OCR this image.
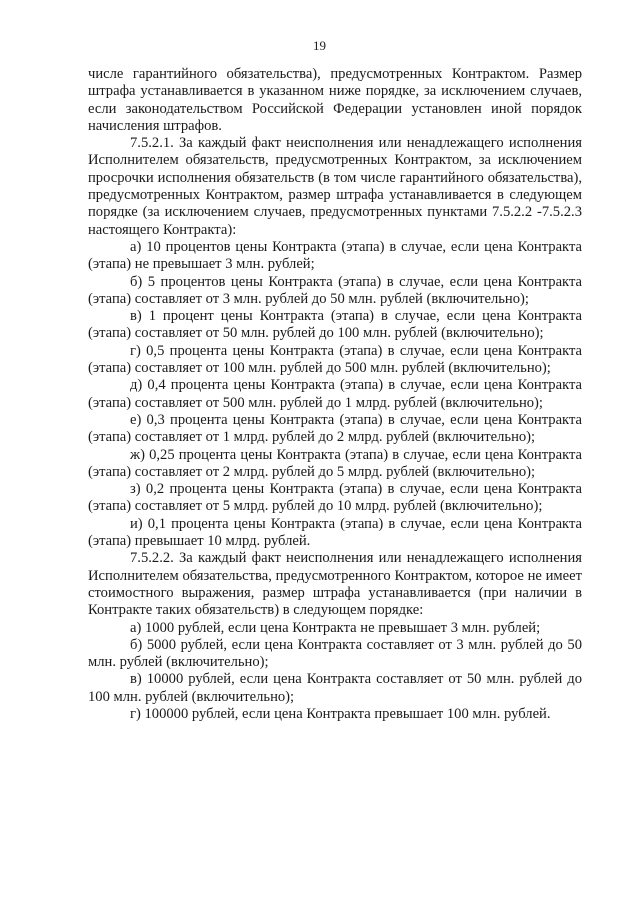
19

числе гарантийного обязательства), предусмотренных Контрактом. Размер штрафа устанавливается в указанном ниже порядке, за исключением случаев, если законодательством Российской Федерации установлен иной порядок начисления штрафов.

7.5.2.1. За каждый факт неисполнения или ненадлежащего исполнения Исполнителем обязательств, предусмотренных Контрактом, за исключением просрочки исполнения обязательств (в том числе гарантийного обязательства), предусмотренных Контрактом, размер штрафа устанавливается в следующем порядке (за исключением случаев, предусмотренных пунктами 7.5.2.2 -7.5.2.3 настоящего Контракта):

а) 10 процентов цены Контракта (этапа) в случае, если цена Контракта (этапа) не превышает 3 млн. рублей;

б) 5 процентов цены Контракта (этапа) в случае, если цена Контракта (этапа) составляет от 3 млн. рублей до 50 млн. рублей (включительно);

в) 1 процент цены Контракта (этапа) в случае, если цена Контракта (этапа) составляет от 50 млн. рублей до 100 млн. рублей (включительно);

г) 0,5 процента цены Контракта (этапа) в случае, если цена Контракта (этапа) составляет от 100 млн. рублей до 500 млн. рублей (включительно);

д) 0,4 процента цены Контракта (этапа) в случае, если цена Контракта (этапа) составляет от 500 млн. рублей до 1 млрд. рублей (включительно);

е) 0,3 процента цены Контракта (этапа) в случае, если цена Контракта (этапа) составляет от 1 млрд. рублей до 2 млрд. рублей (включительно);

ж) 0,25 процента цены Контракта (этапа) в случае, если цена Контракта (этапа) составляет от 2 млрд. рублей до 5 млрд. рублей (включительно);

з) 0,2 процента цены Контракта (этапа) в случае, если цена Контракта (этапа) составляет от 5 млрд. рублей до 10 млрд. рублей (включительно);

и) 0,1 процента цены Контракта (этапа) в случае, если цена Контракта (этапа) превышает 10 млрд. рублей.

7.5.2.2. За каждый факт неисполнения или ненадлежащего исполнения Исполнителем обязательства, предусмотренного Контрактом, которое не имеет стоимостного выражения, размер штрафа устанавливается (при наличии в Контракте таких обязательств) в следующем порядке:

а) 1000 рублей, если цена Контракта не превышает 3 млн. рублей;

б) 5000 рублей, если цена Контракта составляет от 3 млн. рублей до 50 млн. рублей (включительно);

в) 10000 рублей, если цена Контракта составляет от 50 млн. рублей до 100 млн. рублей (включительно);

г) 100000 рублей, если цена Контракта превышает 100 млн. рублей.
